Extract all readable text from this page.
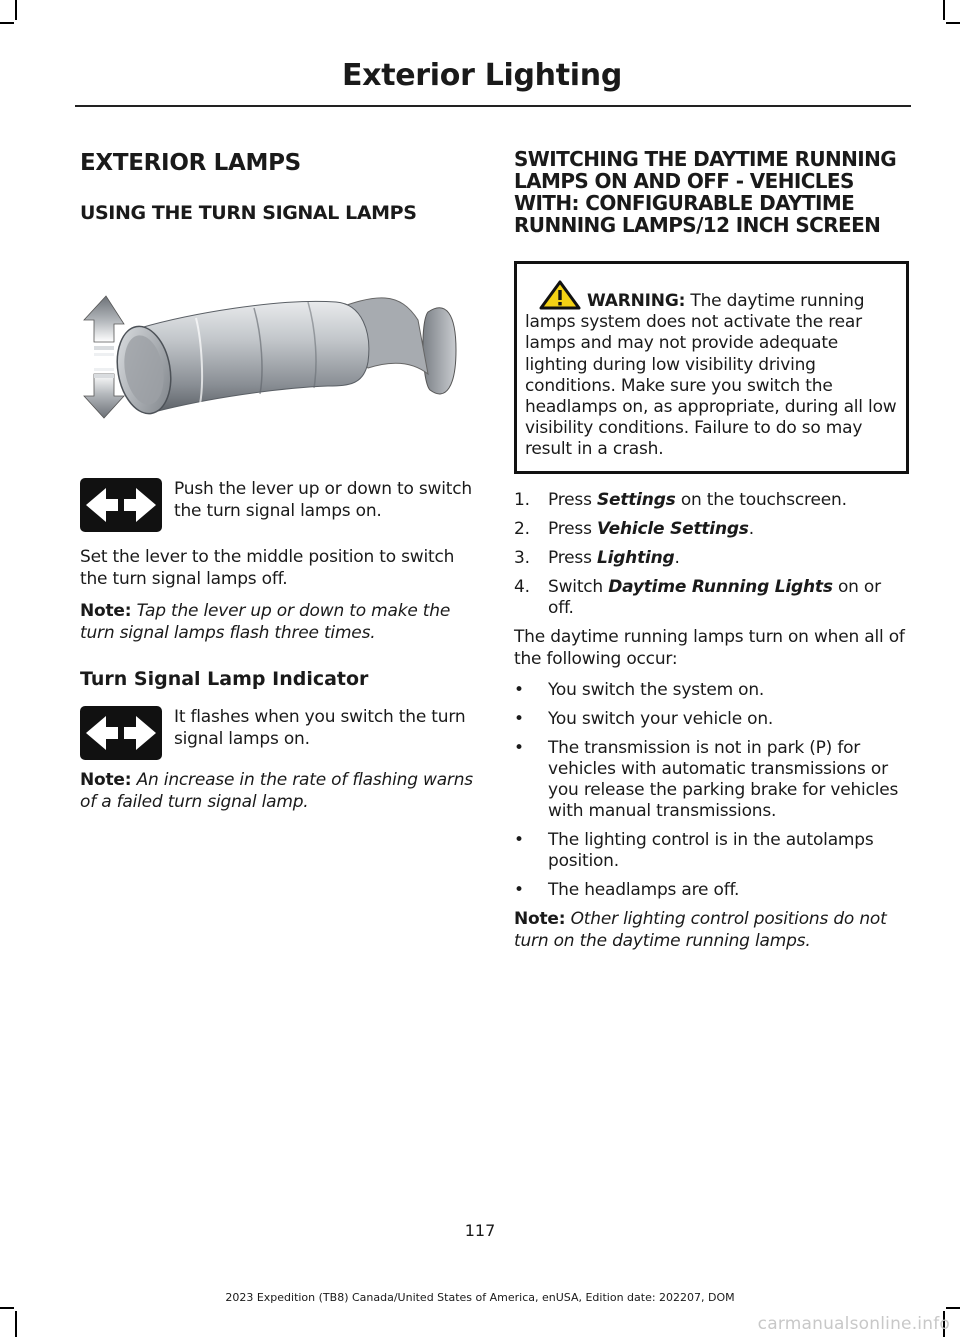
Exterior Lighting
EXTERIOR LAMPS
USING THE TURN SIGNAL LAMPS

Push the lever up or down to switch the turn signal lamps on.

Set the lever to the middle position to switch the turn signal lamps off.

Note: Tap the lever up or down to make the turn signal lamps flash three times.

Turn Signal Lamp Indicator

It flashes when you switch the turn signal lamps on.

Note: An increase in the rate of flashing warns of a failed turn signal lamp.

SWITCHING THE DAYTIME RUNNING LAMPS ON AND OFF - VEHICLES WITH: CONFIGURABLE DAYTIME RUNNING LAMPS/12 INCH SCREEN

WARNING: The daytime running lamps system does not activate the rear lamps and may not provide adequate lighting during low visibility driving conditions. Make sure you switch the headlamps on, as appropriate, during all low visibility conditions. Failure to do so may result in a crash.

1.	Press Settings on the touchscreen.
2.	Press Vehicle Settings.
3.	Press Lighting.
4.	Switch Daytime Running Lights on or off.

The daytime running lamps turn on when all of the following occur:

•	You switch the system on.
•	You switch your vehicle on.
•	The transmission is not in park (P) for vehicles with automatic transmissions or you release the parking brake for vehicles with manual transmissions.
•	The lighting control is in the autolamps position.
•	The headlamps are off.

Note: Other lighting control positions do not turn on the daytime running lamps.

117
2023 Expedition (TB8) Canada/United States of America, enUSA, Edition date: 202207, DOM
carmanualsonline.info
